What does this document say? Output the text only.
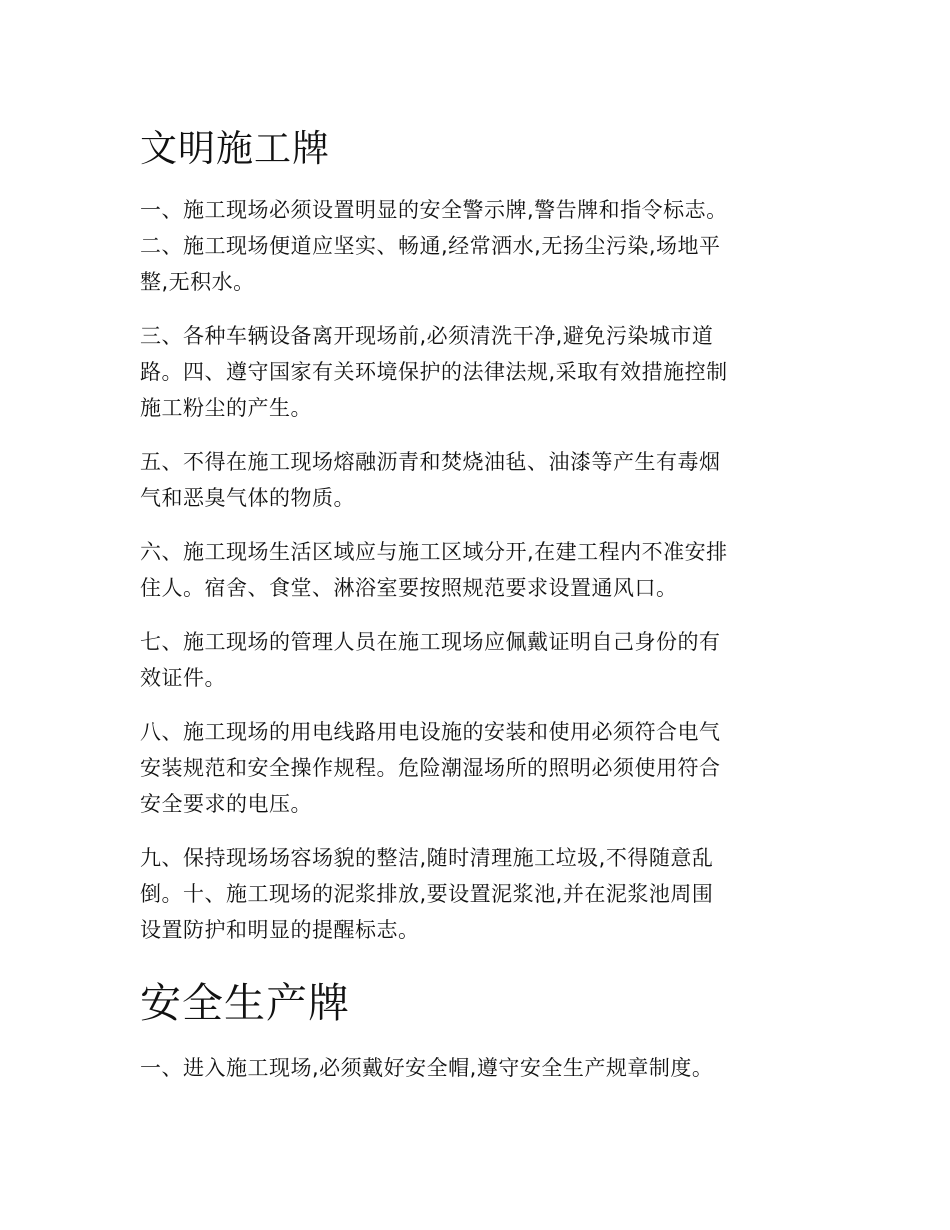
文明施工牌

一、施工现场必须设置明显的安全警示牌,警告牌和指令标志。
二、施工现场便道应坚实、畅通,经常洒水,无扬尘污染,场地平
整,无积水。

三、各种车辆设备离开现场前,必须清洗干净,避免污染城市道
路。四、遵守国家有关环境保护的法律法规,采取有效措施控制
施工粉尘的产生。

五、不得在施工现场熔融沥青和焚烧油毡、油漆等产生有毒烟
气和恶臭气体的物质。

六、施工现场生活区域应与施工区域分开,在建工程内不准安排
住人。宿舍、食堂、淋浴室要按照规范要求设置通风口。

七、施工现场的管理人员在施工现场应佩戴证明自己身份的有
效证件。

八、施工现场的用电线路用电设施的安装和使用必须符合电气
安装规范和安全操作规程。危险潮湿场所的照明必须使用符合
安全要求的电压。

九、保持现场场容场貌的整洁,随时清理施工垃圾,不得随意乱
倒。十、施工现场的泥浆排放,要设置泥浆池,并在泥浆池周围
设置防护和明显的提醒标志。

安全生产牌

一、进入施工现场,必须戴好安全帽,遵守安全生产规章制度。
